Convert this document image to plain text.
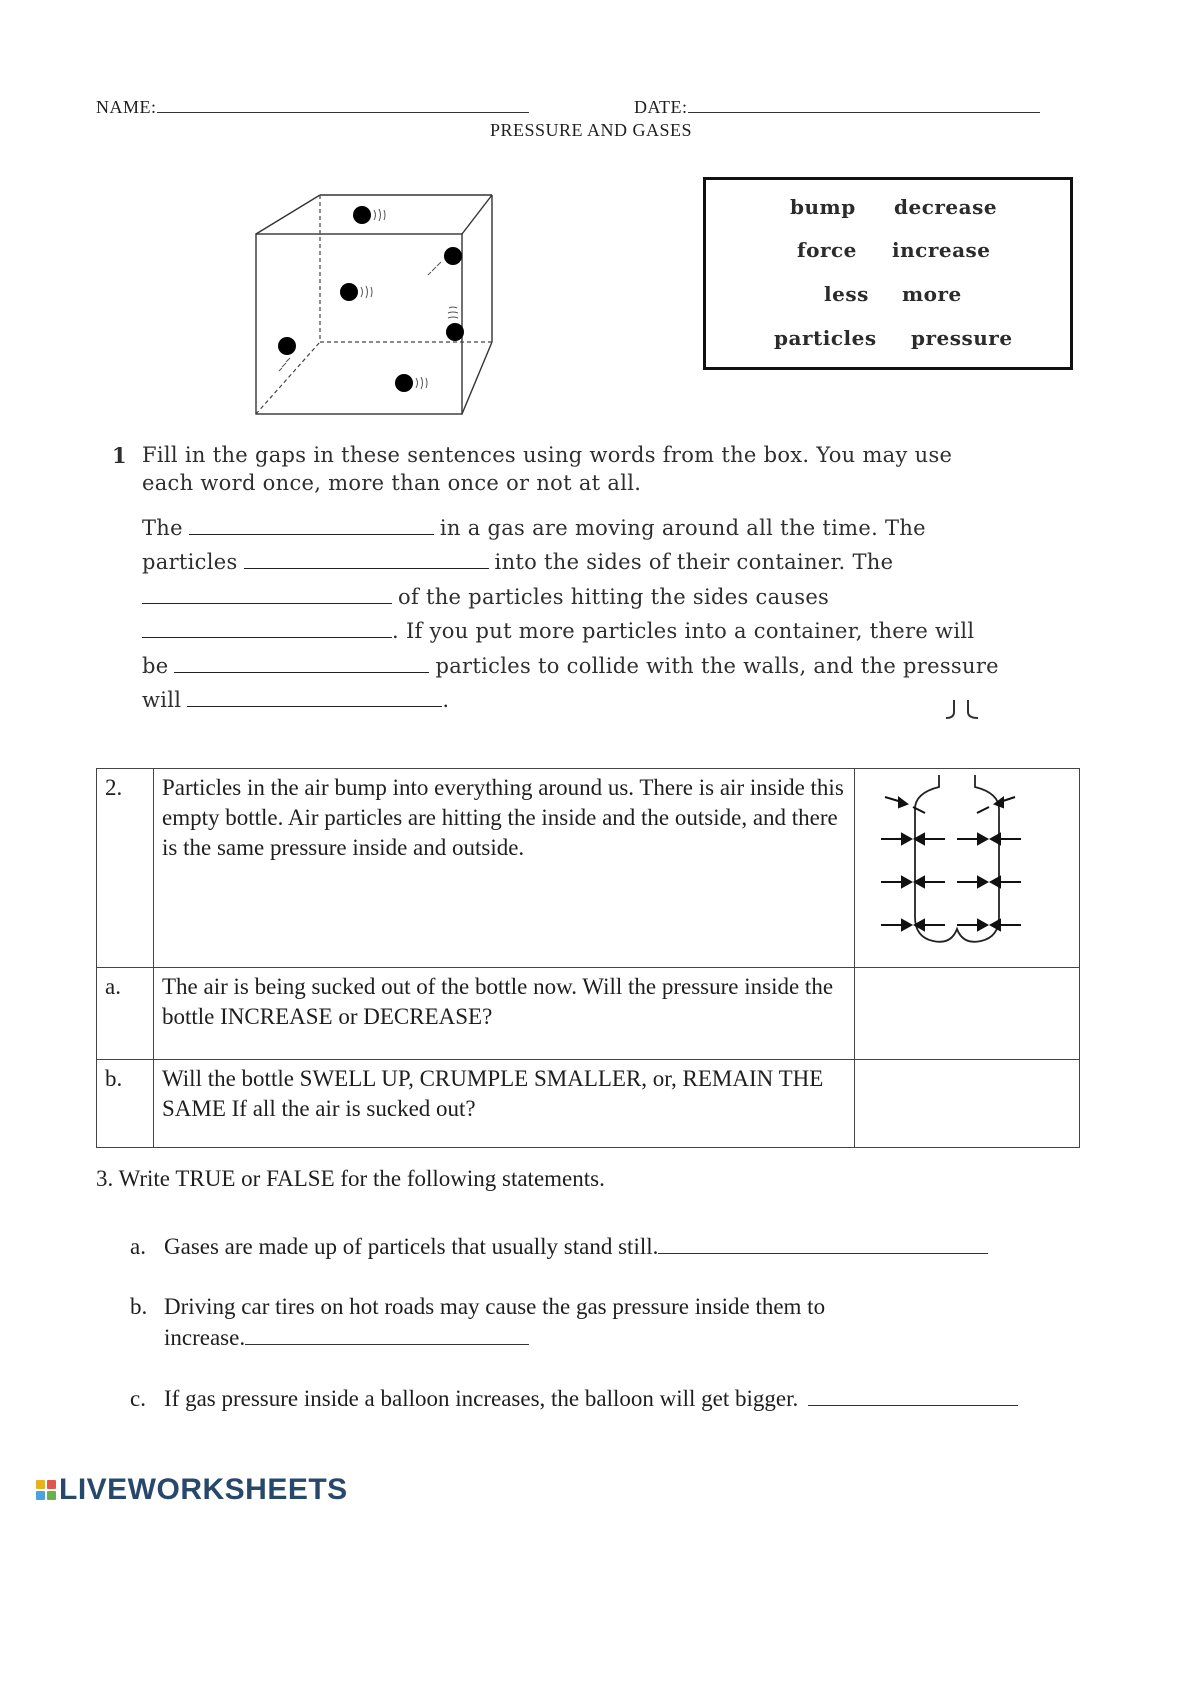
NAME:	DATE:
PRESSURE AND GASES
bump decrease
force increase
less more
particles pressure
1 Fill in the gaps in these sentences using words from the box. You may use
each word once, more than once or not at all.
The	in a gas are moving around all the time. The
particles	into the sides of their container. The
of the particles hitting the sides causes
. If you put more particles into a container, there will
be	particles to collide with the walls, and the pressure
will	.
2.	Particles in the air bump into everything around us. There is air inside this empty bottle. Air particles are hitting the inside and the outside, and there is the same pressure inside and outside.	
a.	The air is being sucked out of the bottle now. Will the pressure inside the bottle INCREASE or DECREASE?	
b.	Will the bottle SWELL UP, CRUMPLE SMALLER, or, REMAIN THE SAME If all the air is sucked out?	
3. Write TRUE or FALSE for the following statements.
a. Gases are made up of particels that usually stand still.
b. Driving car tires on hot roads may cause the gas pressure inside them to
increase.
c. If gas pressure inside a balloon increases, the balloon will get bigger.
LIVEWORKSHEETS
